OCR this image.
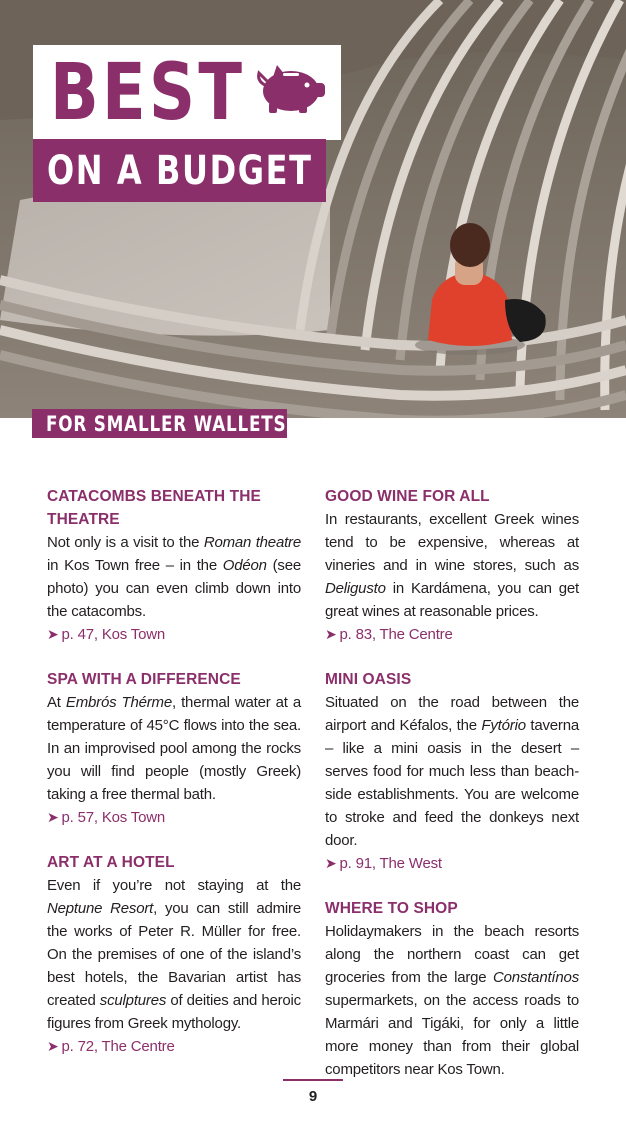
BEST
ON A BUDGET
FOR SMALLER WALLETS
CATACOMBS BENEATH THE THEATRE
Not only is a visit to the Roman theatre in Kos Town free – in the Odéon (see photo) you can even climb down into the catacombs.
➤ p. 47, Kos Town
SPA WITH A DIFFERENCE
At Embrós Thérme, thermal water at a temperature of 45°C flows into the sea. In an improvised pool among the rocks you will find people (mostly Greek) taking a free thermal bath.
➤ p. 57, Kos Town
ART AT A HOTEL
Even if you’re not staying at the Neptune Resort, you can still admire the works of Peter R. Müller for free. On the premises of one of the island’s best hotels, the Bavarian artist has created sculptures of deities and heroic figures from Greek mythology.
➤ p. 72, The Centre
GOOD WINE FOR ALL
In restaurants, excellent Greek wines tend to be expensive, whereas at vineries and in wine stores, such as Deligusto in Kardámena, you can get great wines at reasonable prices.
➤ p. 83, The Centre
MINI OASIS
Situated on the road between the airport and Kéfalos, the Fytório taverna – like a mini oasis in the desert – serves food for much less than beach-side establishments. You are welcome to stroke and feed the donkeys next door.
➤ p. 91, The West
WHERE TO SHOP
Holidaymakers in the beach resorts along the northern coast can get groceries from the large Constantínos supermarkets, on the access roads to Marmári and Tigáki, for only a little more money than from their global competitors near Kos Town.
9
